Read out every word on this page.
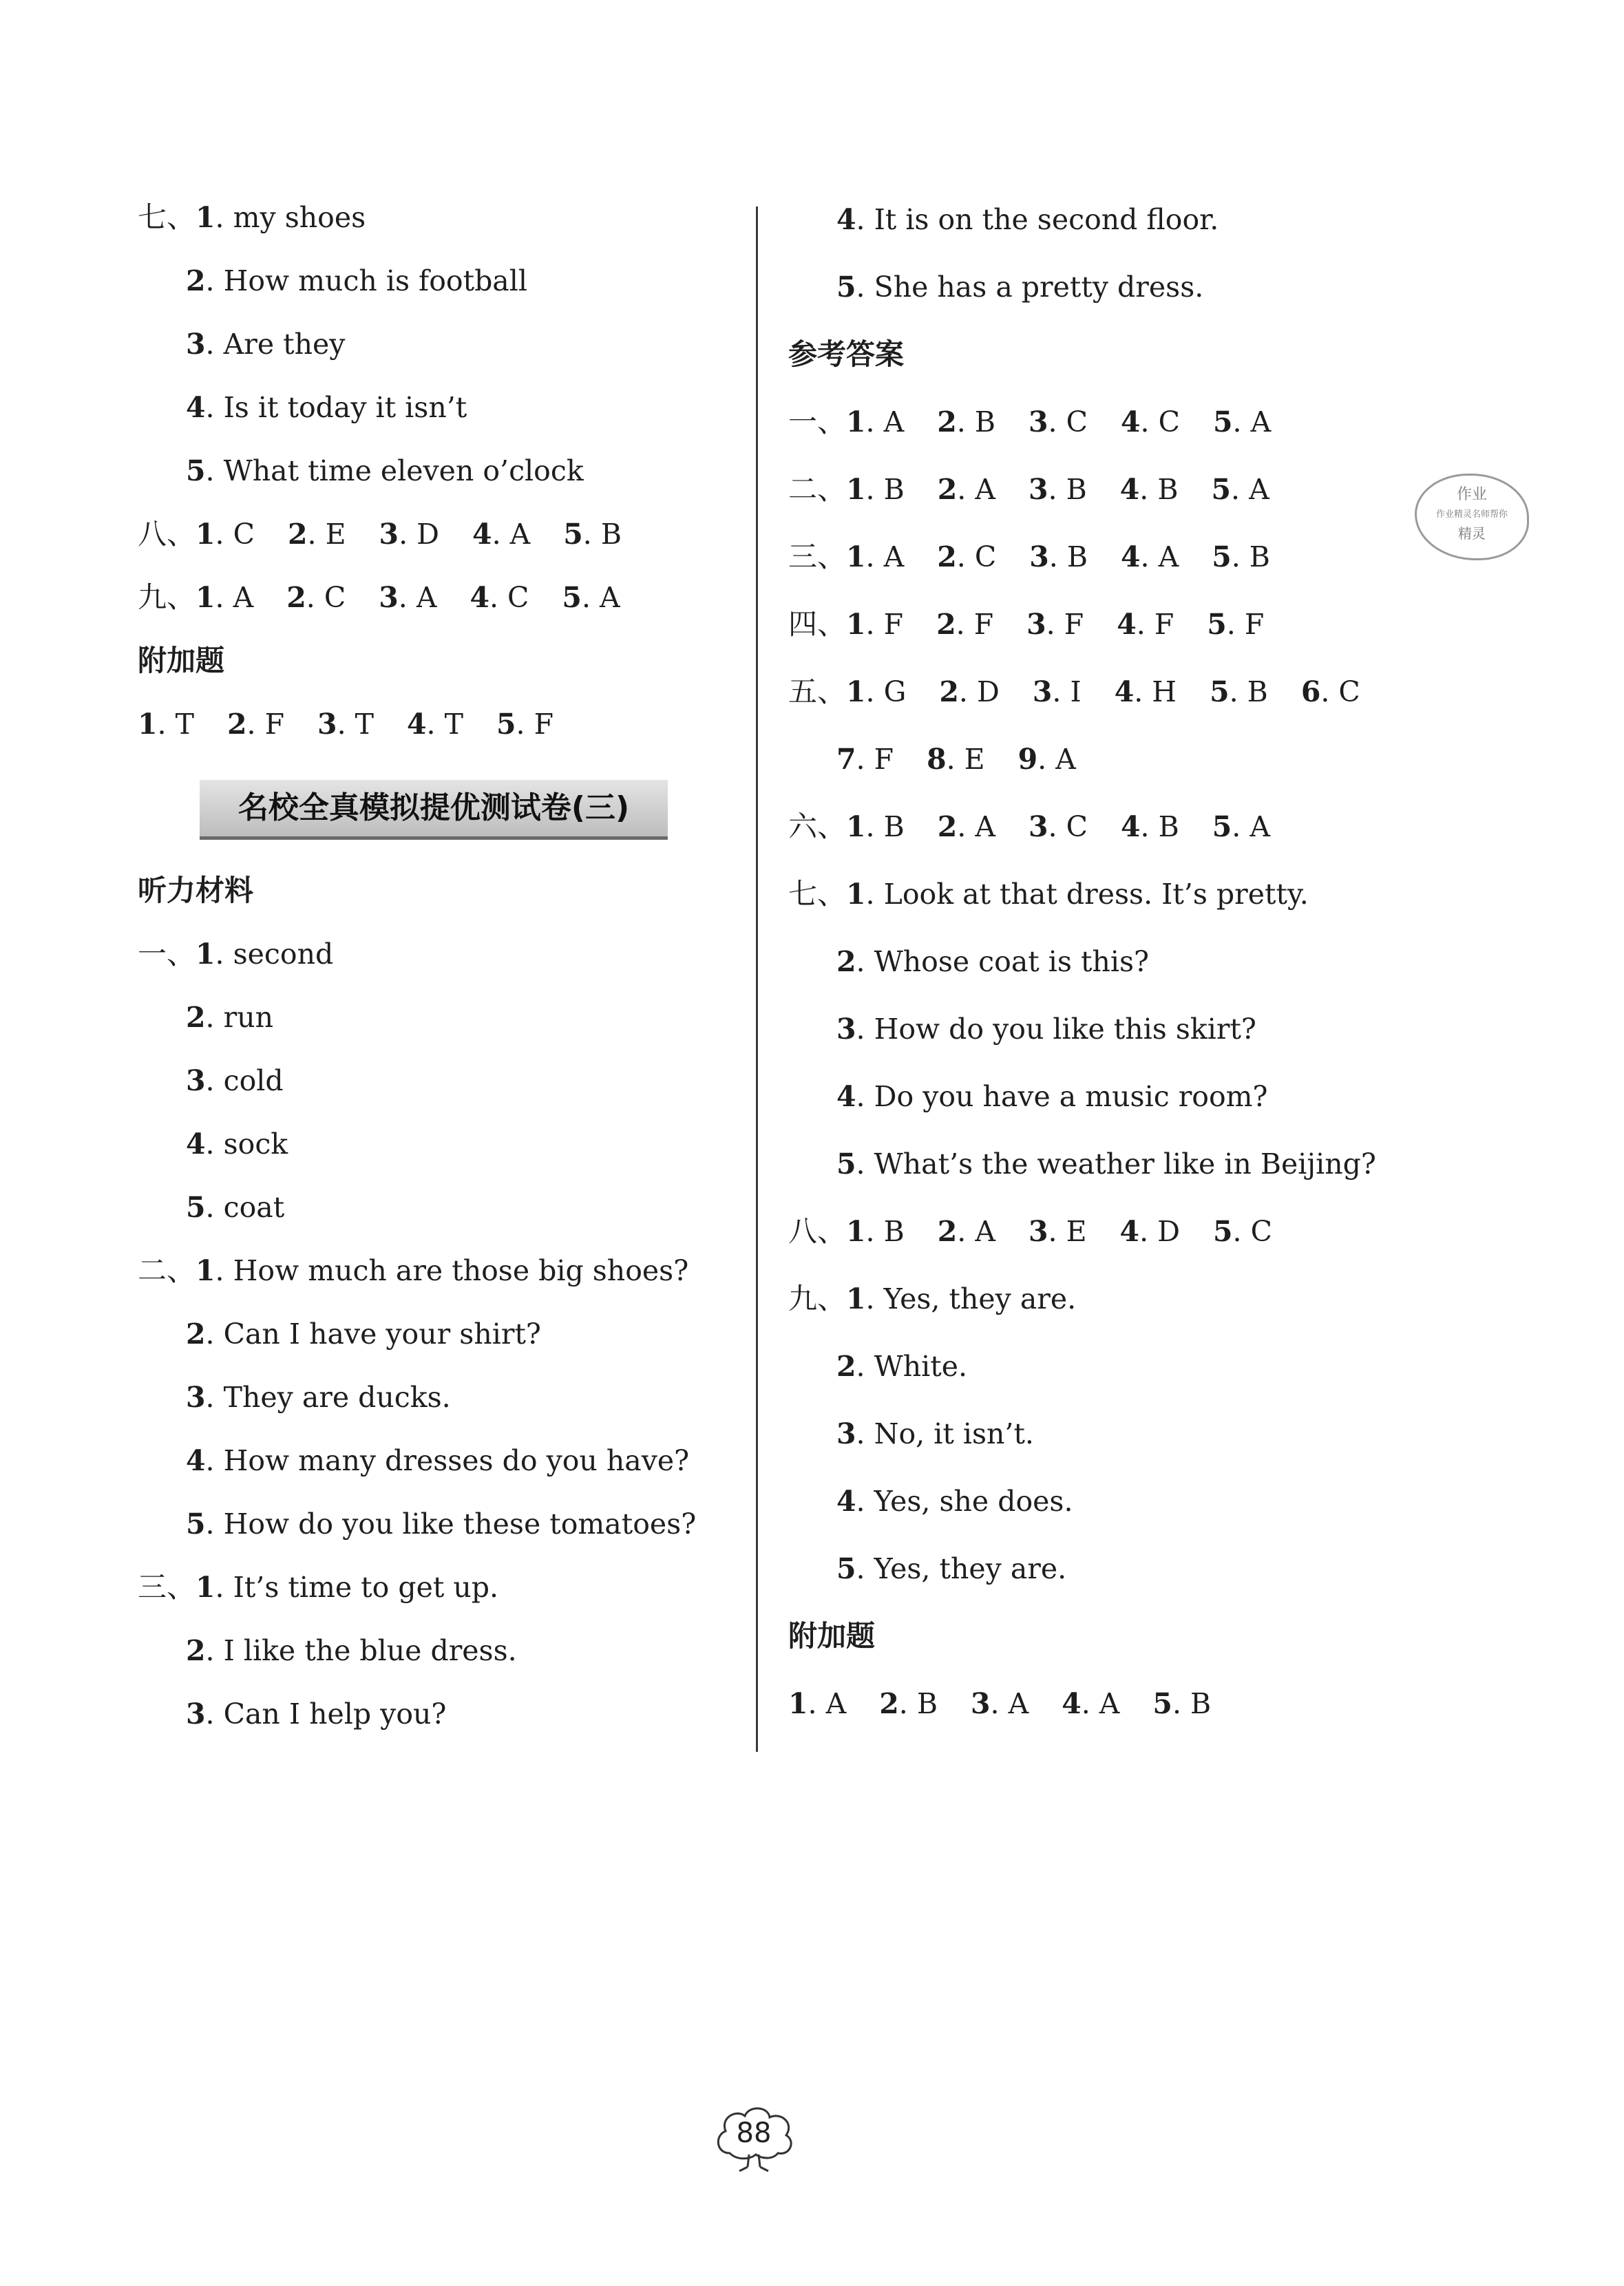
七、1. my shoes
2. How much is football
3. Are they
4. Is it today it isn’t
5. What time eleven o’clock
八、1. C 2. E 3. D 4. A 5. B
九、1. A 2. C 3. A 4. C 5. A
附加题
1. T 2. F 3. T 4. T 5. F
名校全真模拟提优测试卷(三)
听力材料
一、1. second
2. run
3. cold
4. sock
5. coat
二、1. How much are those big shoes?
2. Can I have your shirt?
3. They are ducks.
4. How many dresses do you have?
5. How do you like these tomatoes?
三、1. It’s time to get up.
2. I like the blue dress.
3. Can I help you?
4. It is on the second floor.
5. She has a pretty dress.
参考答案
一、1. A 2. B 3. C 4. C 5. A
二、1. B 2. A 3. B 4. B 5. A
三、1. A 2. C 3. B 4. A 5. B
四、1. F 2. F 3. F 4. F 5. F
五、1. G 2. D 3. I 4. H 5. B 6. C
7. F 8. E 9. A
六、1. B 2. A 3. C 4. B 5. A
七、1. Look at that dress. It’s pretty.
2. Whose coat is this?
3. How do you like this skirt?
4. Do you have a music room?
5. What’s the weather like in Beijing?
八、1. B 2. A 3. E 4. D 5. C
九、1. Yes, they are.
2. White.
3. No, it isn’t.
4. Yes, she does.
5. Yes, they are.
附加题
1. A 2. B 3. A 4. A 5. B
作业
作业精灵名师帮你
精灵
88
